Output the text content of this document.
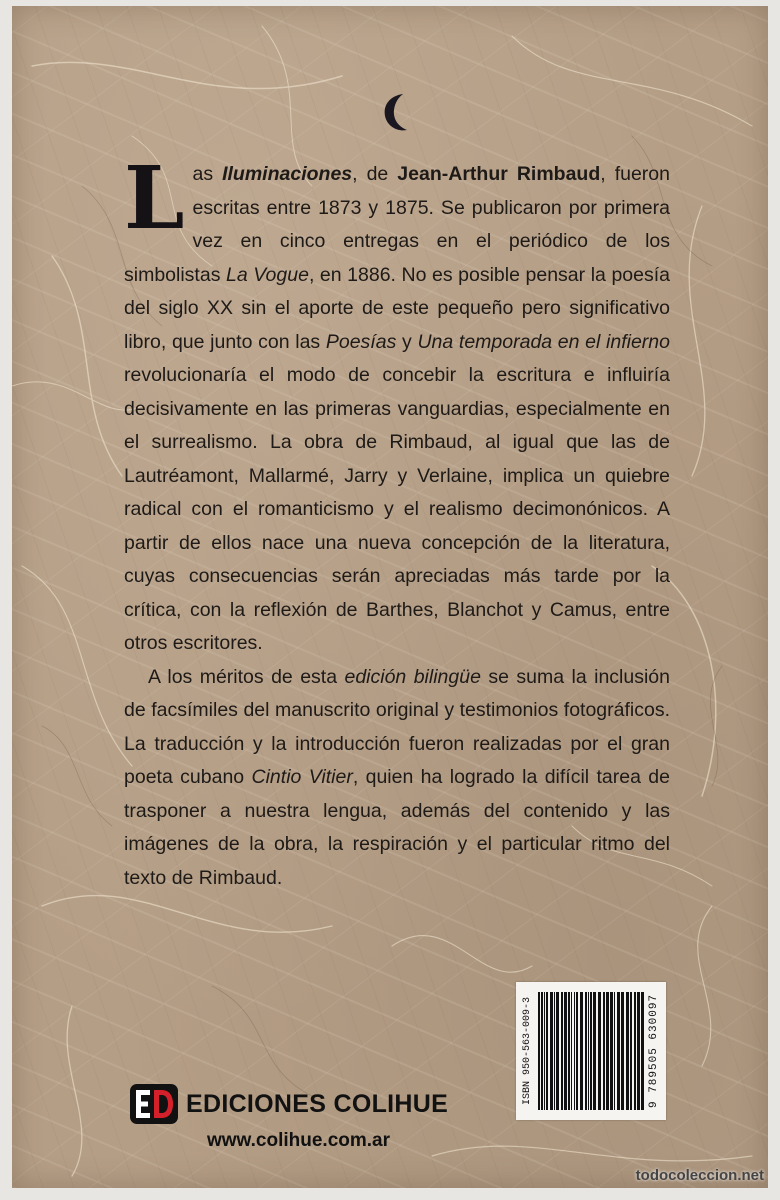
Las Iluminaciones, de Jean-Arthur Rimbaud, fueron escritas entre 1873 y 1875. Se publicaron por primera vez en cinco entregas en el periódico de los simbolistas La Vogue, en 1886. No es posible pensar la poesía del siglo XX sin el aporte de este pequeño pero significativo libro, que junto con las Poesías y Una temporada en el infierno revolucionaría el modo de concebir la escritura e influiría decisivamente en las primeras vanguardias, especialmente en el surrealismo. La obra de Rimbaud, al igual que las de Lautréamont, Mallarmé, Jarry y Verlaine, implica un quiebre radical con el romanticismo y el realismo decimonónicos. A partir de ellos nace una nueva concepción de la literatura, cuyas consecuencias serán apreciadas más tarde por la crítica, con la reflexión de Barthes, Blanchot y Camus, entre otros escritores.

A los méritos de esta edición bilingüe se suma la inclusión de facsímiles del manuscrito original y testimonios fotográficos. La traducción y la introducción fueron realizadas por el gran poeta cubano Cintio Vitier, quien ha logrado la difícil tarea de trasponer a nuestra lengua, además del contenido y las imágenes de la obra, la respiración y el particular ritmo del texto de Rimbaud.

ISBN 950-563-009-3	9 789505 630097
EDICIONES COLIHUE
www.colihue.com.ar
todocoleccion.net
